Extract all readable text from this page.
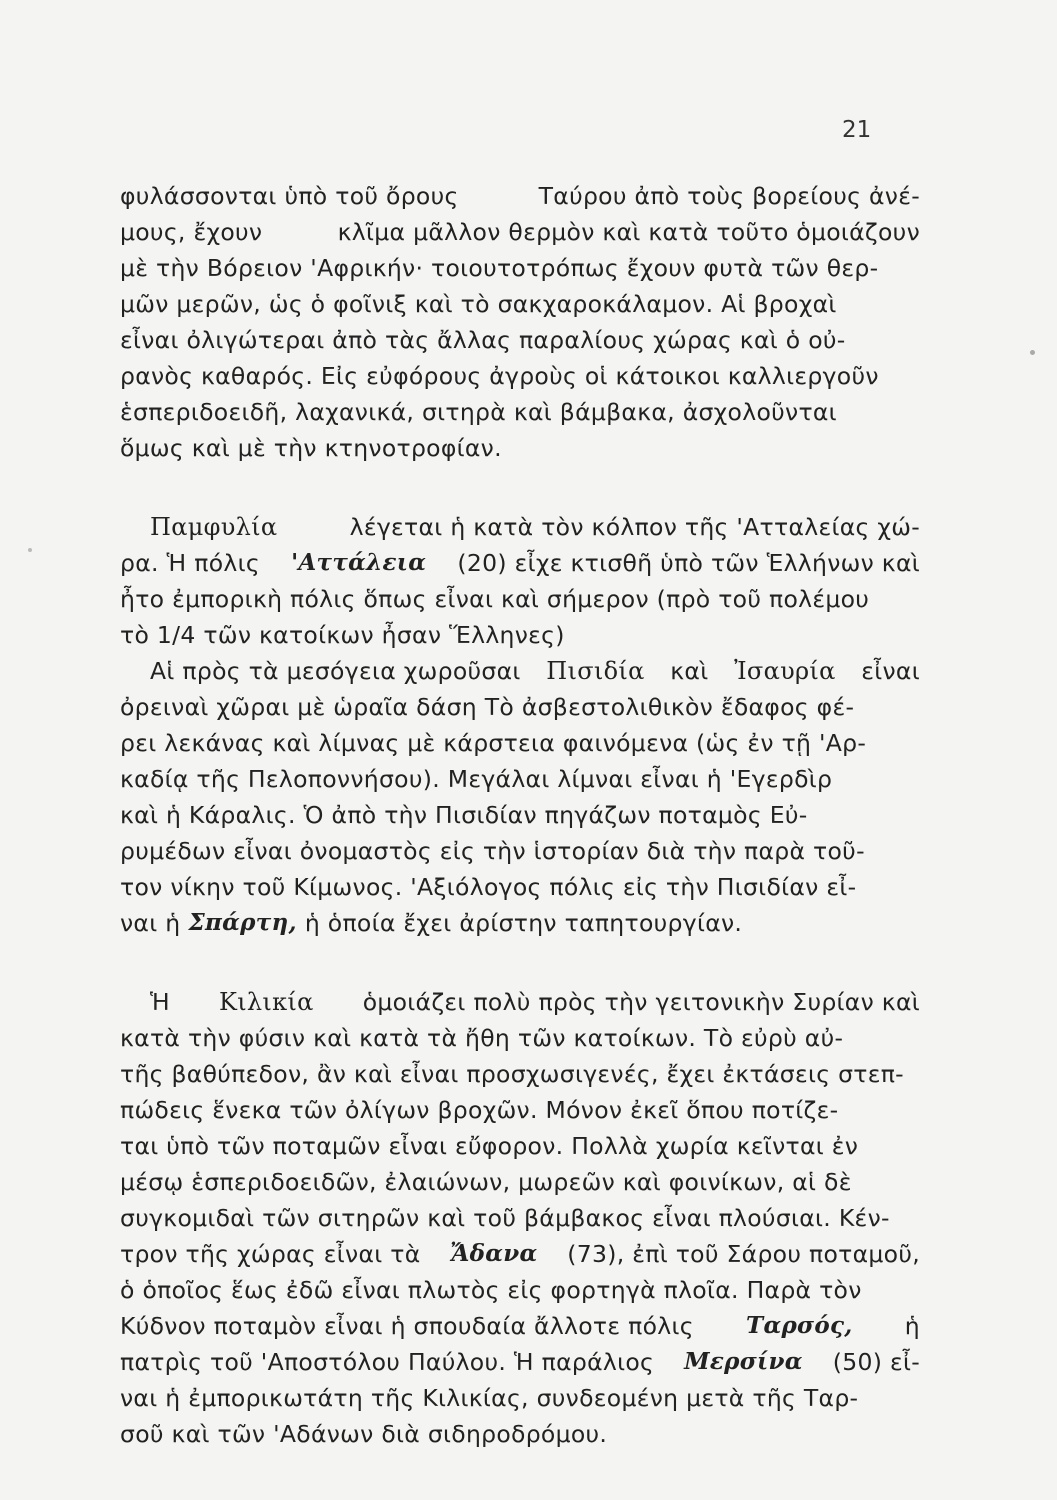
21
φυλάσσονται ὑπὸ τοῦ ὄρους	Ταύρου ἀπὸ τοὺς βορείους ἀνέ-
μους, ἔχουν	κλῖμα μᾶλλον θερμὸν καὶ κατὰ τοῦτο ὁμοιάζουν
μὲ τὴν Βόρειον 'Αφρικήν· τοιουτοτρόπως ἔχουν φυτὰ τῶν θερ-
μῶν μερῶν, ὡς ὁ φοῖνιξ καὶ τὸ σακχαροκάλαμον. Αἱ βροχαὶ
εἶναι ὀλιγώτεραι ἀπὸ τὰς ἄλλας παραλίους χώρας καὶ ὁ οὐ-
ρανὸς καθαρός. Εἰς εὐφόρους ἀγροὺς οἱ κάτοικοι καλλιεργοῦν
ἑσπεριδοειδῆ, λαχανικά, σιτηρὰ καὶ βάμβακα, ἀσχολοῦνται
ὅμως καὶ μὲ τὴν κτηνοτροφίαν.
Παμφυλία	λέγεται ἡ κατὰ τὸν κόλπον τῆς 'Ατταλείας χώ-
ρα. Ἡ πόλις 'Αττάλεια (20) εἶχε κτισθῆ ὑπὸ τῶν Ἑλλήνων καὶ
ἦτο ἐμπορικὴ πόλις ὅπως εἶναι καὶ σήμερον (πρὸ τοῦ πολέμου
τὸ 1/4 τῶν κατοίκων ἦσαν Ἕλληνες)
Αἱ πρὸς τὰ μεσόγεια χωροῦσαι Πισιδία καὶ Ἰσαυρία εἶναι
ὀρειναὶ χῶραι μὲ ὡραῖα δάση Τὸ ἀσβεστολιθικὸν ἔδαφος φέ-
ρει λεκάνας καὶ λίμνας μὲ κάρστεια φαινόμενα (ὡς ἐν τῇ 'Αρ-
καδίᾳ τῆς Πελοποννήσου). Μεγάλαι λίμναι εἶναι ἡ 'Εγερδὶρ
καὶ ἡ Κάραλις. Ὁ ἀπὸ τὴν Πισιδίαν πηγάζων ποταμὸς Εὐ-
ρυμέδων εἶναι ὀνομαστὸς εἰς τὴν ἱστορίαν διὰ τὴν παρὰ τοῦ-
τον νίκην τοῦ Κίμωνος. 'Αξιόλογος πόλις εἰς τὴν Πισιδίαν εἶ-
ναι ἡ Σπάρτη, ἡ ὁποία ἔχει ἀρίστην ταπητουργίαν.
Ἡ Κιλικία ὁμοιάζει πολὺ πρὸς τὴν γειτονικὴν Συρίαν καὶ
κατὰ τὴν φύσιν καὶ κατὰ τὰ ἤθη τῶν κατοίκων. Τὸ εὐρὺ αὐ-
τῆς βαθύπεδον, ἂν καὶ εἶναι προσχωσιγενές, ἔχει ἐκτάσεις στεπ-
πώδεις ἕνεκα τῶν ὀλίγων βροχῶν. Μόνον ἐκεῖ ὅπου ποτίζε-
ται ὑπὸ τῶν ποταμῶν εἶναι εὔφορον. Πολλὰ χωρία κεῖνται ἐν
μέσῳ ἑσπεριδοειδῶν, ἐλαιώνων, μωρεῶν καὶ φοινίκων, αἱ δὲ
συγκομιδαὶ τῶν σιτηρῶν καὶ τοῦ βάμβακος εἶναι πλούσιαι. Κέν-
τρον τῆς χώρας εἶναι τὰ Ἄδανα (73), ἐπὶ τοῦ Σάρου ποταμοῦ,
ὁ ὁποῖος ἕως ἐδῶ εἶναι πλωτὸς εἰς φορτηγὰ πλοῖα. Παρὰ τὸν
Κύδνον ποταμὸν εἶναι ἡ σπουδαία ἄλλοτε πόλις Ταρσός, ἡ
πατρὶς τοῦ 'Αποστόλου Παύλου. Ἡ παράλιος Μερσίνα (50) εἶ-
ναι ἡ ἐμπορικωτάτη τῆς Κιλικίας, συνδεομένη μετὰ τῆς Ταρ-
σοῦ καὶ τῶν 'Αδάνων διὰ σιδηροδρόμου.
